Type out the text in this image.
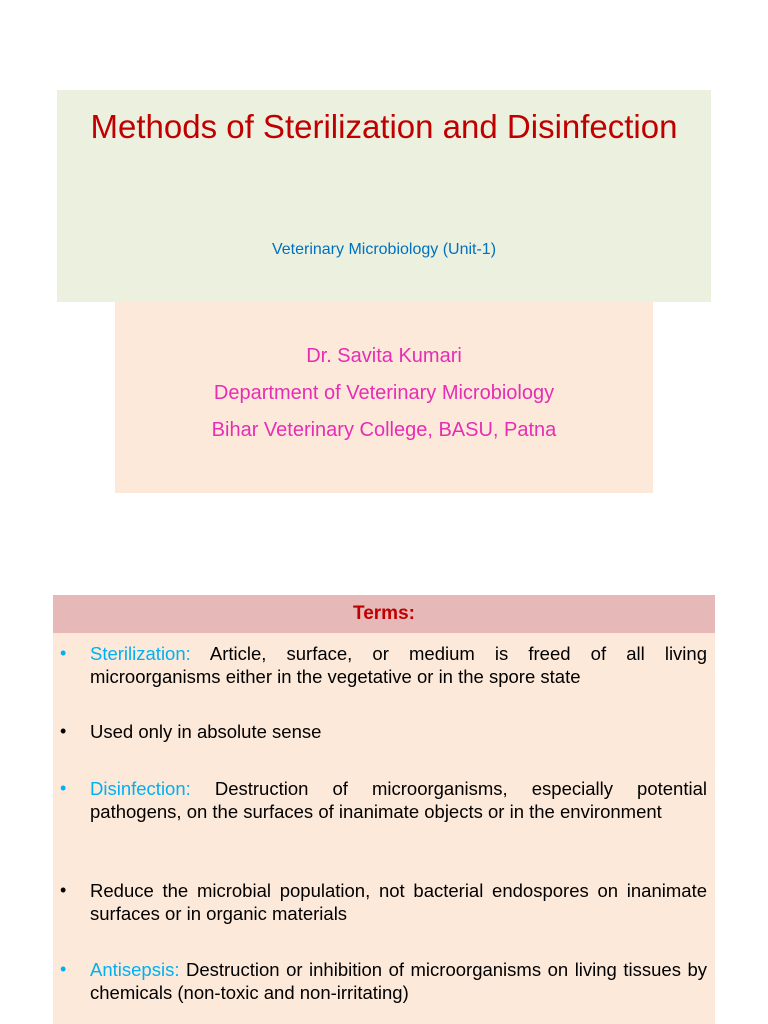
Methods of Sterilization and Disinfection
Veterinary Microbiology (Unit-1)
Dr. Savita Kumari
Department of Veterinary Microbiology
Bihar Veterinary College, BASU, Patna
Terms:
•	Sterilization: Article, surface, or medium is freed of all living microorganisms either in the vegetative or in the spore state
•	Used only in absolute sense
•	Disinfection: Destruction of microorganisms, especially potential pathogens, on the surfaces of inanimate objects or in the environment
•	Reduce the microbial population, not bacterial endospores on inanimate surfaces or in organic materials
•	Antisepsis: Destruction or inhibition of microorganisms on living tissues by chemicals (non-toxic and non-irritating)
